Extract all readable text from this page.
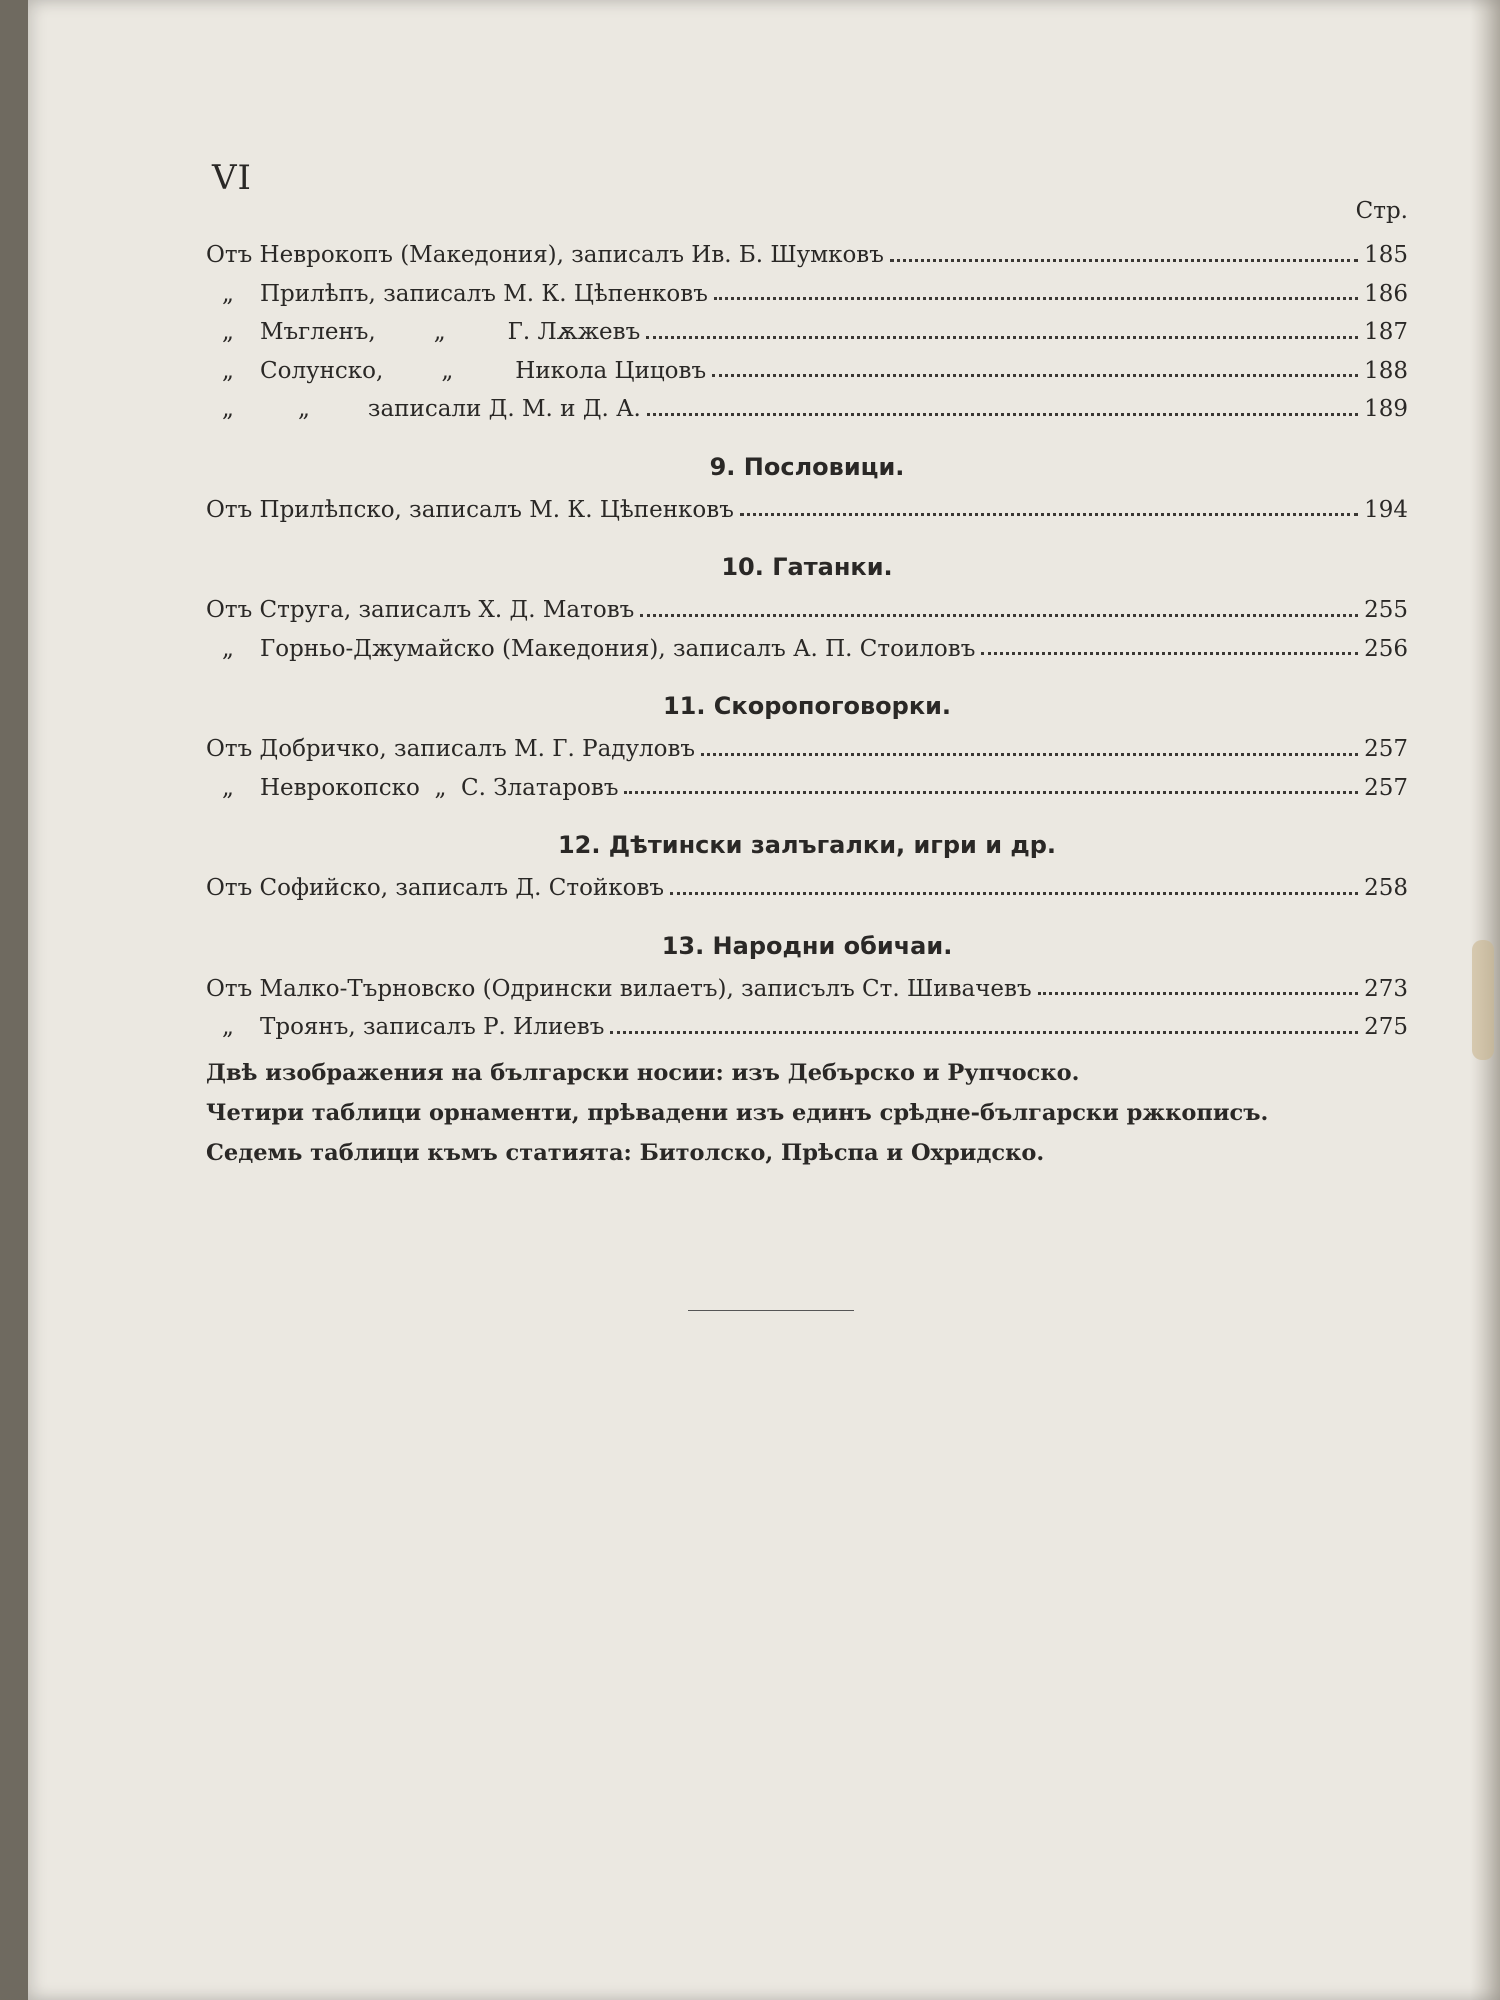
VI
Стр.
Отъ Неврокопъ (Македония), записалъ Ив. Б. Шумковъ	185
„ Прилѣпъ, записалъ М. К. Цѣпенковъ	186
„ Мъгленъ,	„	Г. Лѫжевъ	187
„ Солунско,	„	Никола Цицовъ	188
„	„	записали Д. М. и Д. А.	189
9. Пословици.
Отъ Прилѣпско, записалъ М. К. Цѣпенковъ	194
10. Гатанки.
Отъ Струга, записалъ Х. Д. Матовъ	255
„ Горньо-Джумайско (Македония), записалъ А. П. Стоиловъ	256
11. Скоропоговорки.
Отъ Добричко, записалъ М. Г. Радуловъ	257
„ Неврокопско  „  С. Златаровъ	257
12. Дѣтински залъгалки, игри и др.
Отъ Софийско, записалъ Д. Стойковъ	258
13. Народни обичаи.
Отъ Малко-Търновско (Одрински вилаетъ), записълъ Ст. Шивачевъ	273
„ Троянъ, записалъ Р. Илиевъ	275
Двѣ изображения на български носии: изъ Дебърско и Рупчоско.
Четири таблици орнаменти, прѣвадени изъ единъ срѣдне-български ржкописъ.
Седемь таблици къмъ статията: Битолско, Прѣспа и Охридско.
